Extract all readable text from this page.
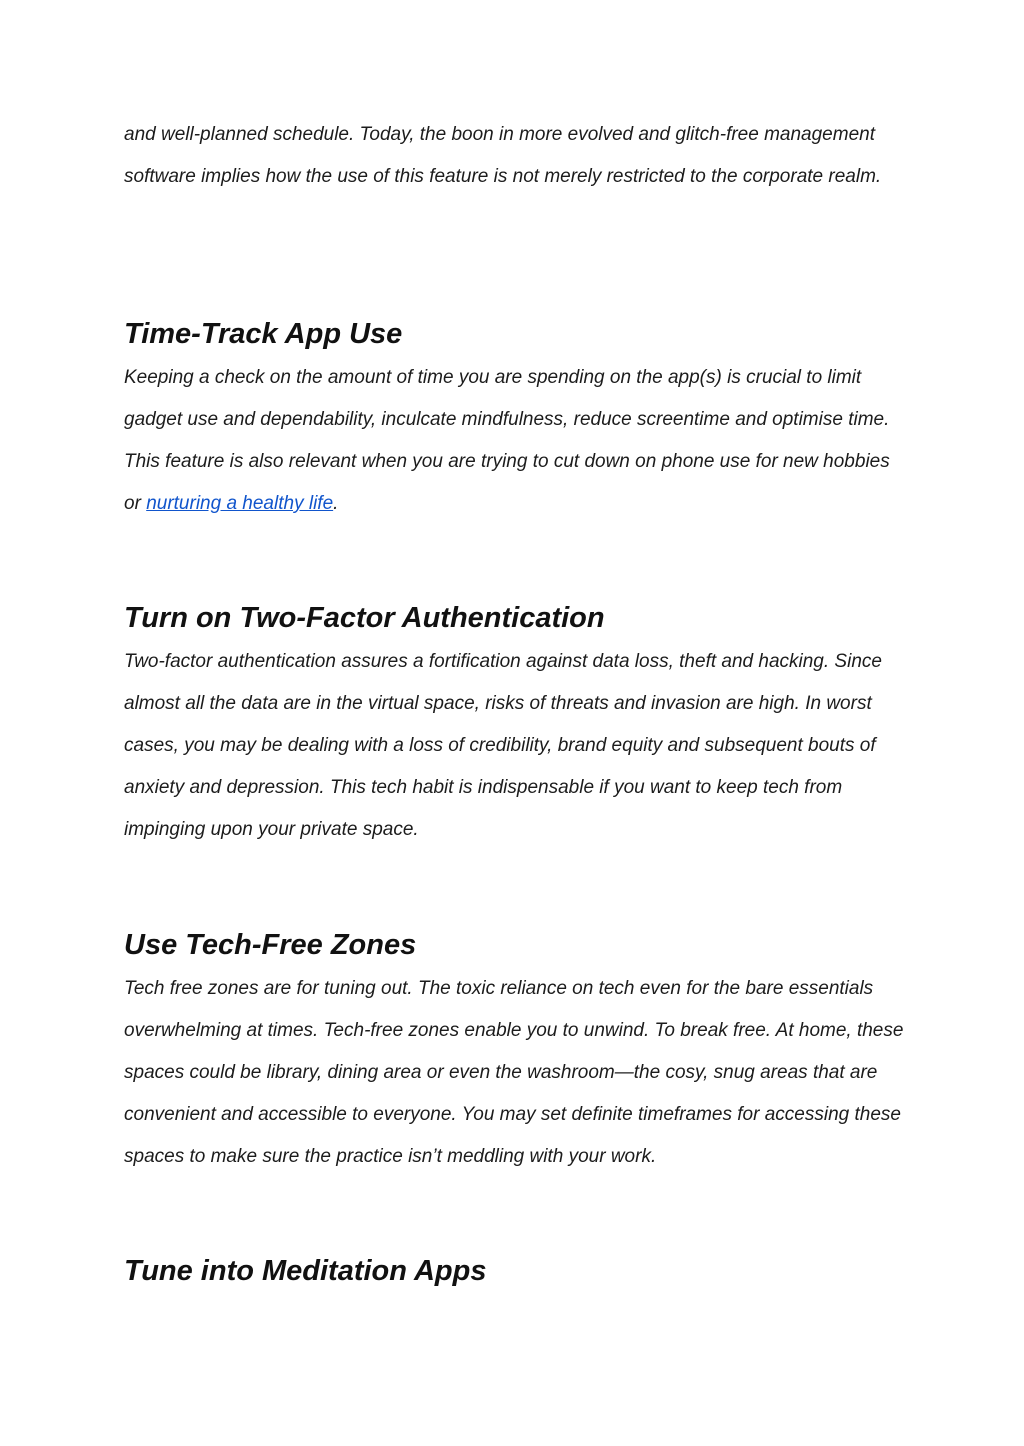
and well-planned schedule. Today, the boon in more evolved and glitch-free management software implies how the use of this feature is not merely restricted to the corporate realm.

Time-Track App Use

Keeping a check on the amount of time you are spending on the app(s) is crucial to limit gadget use and dependability, inculcate mindfulness, reduce screentime and optimise time. This feature is also relevant when you are trying to cut down on phone use for new hobbies or nurturing a healthy life.

Turn on Two-Factor Authentication

Two-factor authentication assures a fortification against data loss, theft and hacking. Since almost all the data are in the virtual space, risks of threats and invasion are high. In worst cases, you may be dealing with a loss of credibility, brand equity and subsequent bouts of anxiety and depression. This tech habit is indispensable if you want to keep tech from impinging upon your private space.

Use Tech-Free Zones

Tech free zones are for tuning out. The toxic reliance on tech even for the bare essentials overwhelming at times. Tech-free zones enable you to unwind. To break free. At home, these spaces could be library, dining area or even the washroom—the cosy, snug areas that are convenient and accessible to everyone. You may set definite timeframes for accessing these spaces to make sure the practice isn’t meddling with your work.

Tune into Meditation Apps
